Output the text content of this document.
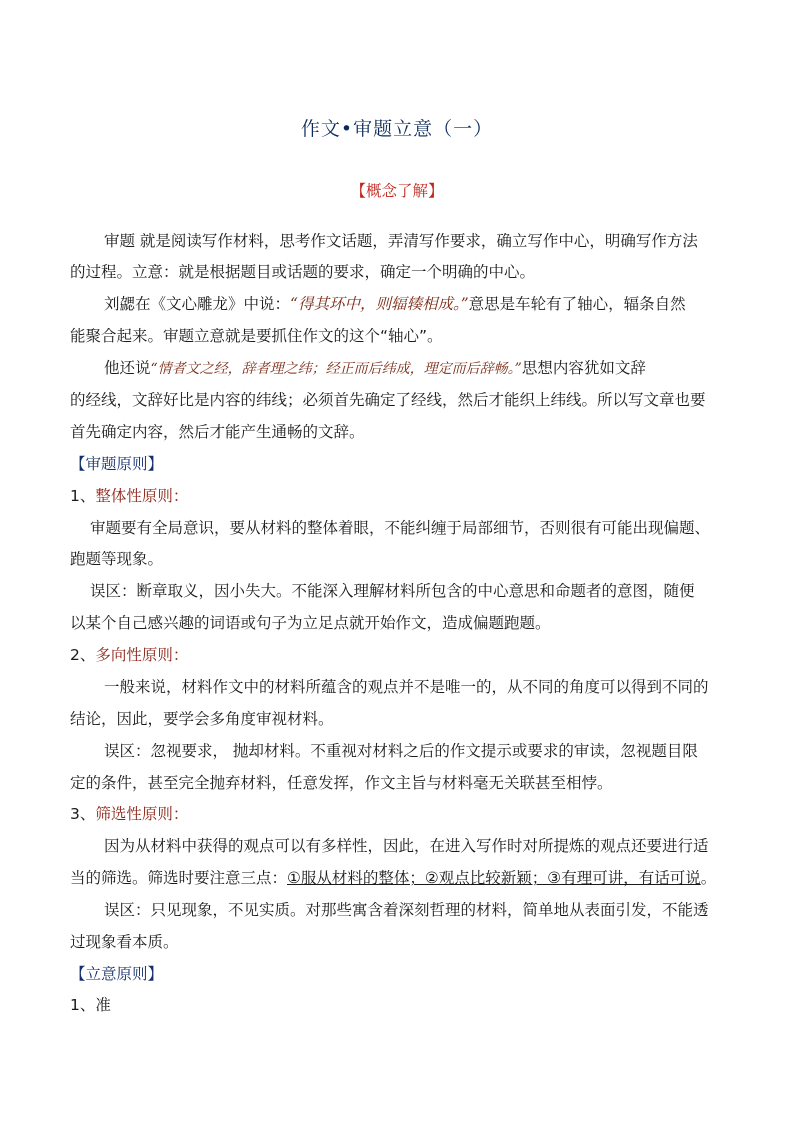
作文•审题立意（一）
【概念了解】
审题 就是阅读写作材料，思考作文话题，弄清写作要求，确立写作中心，明确写作方法
的过程。立意：就是根据题目或话题的要求，确定一个明确的中心。
刘勰在《文心雕龙》中说：“得其环中，则辐辏相成。”意思是车轮有了轴心，辐条自然
能聚合起来。审题立意就是要抓住作文的这个“轴心”。
他还说“情者文之经，辞者理之纬；经正而后纬成，理定而后辞畅。”思想内容犹如文辞
的经线，文辞好比是内容的纬线；必须首先确定了经线，然后才能织上纬线。所以写文章也要
首先确定内容，然后才能产生通畅的文辞。
【审题原则】
1、整体性原则：
审题要有全局意识，要从材料的整体着眼，不能纠缠于局部细节，否则很有可能出现偏题、
跑题等现象。
误区：断章取义，因小失大。不能深入理解材料所包含的中心意思和命题者的意图，随便
以某个自己感兴趣的词语或句子为立足点就开始作文，造成偏题跑题。
2、多向性原则：
一般来说，材料作文中的材料所蕴含的观点并不是唯一的，从不同的角度可以得到不同的
结论，因此，要学会多角度审视材料。
误区：忽视要求， 抛却材料。不重视对材料之后的作文提示或要求的审读，忽视题目限
定的条件，甚至完全抛弃材料，任意发挥，作文主旨与材料毫无关联甚至相悖。
3、筛选性原则：
因为从材料中获得的观点可以有多样性，因此，在进入写作时对所提炼的观点还要进行适
当的筛选。筛选时要注意三点：①服从材料的整体；②观点比较新颖；③有理可讲，有话可说。
误区：只见现象，不见实质。对那些寓含着深刻哲理的材料，简单地从表面引发，不能透
过现象看本质。
【立意原则】
1、准
